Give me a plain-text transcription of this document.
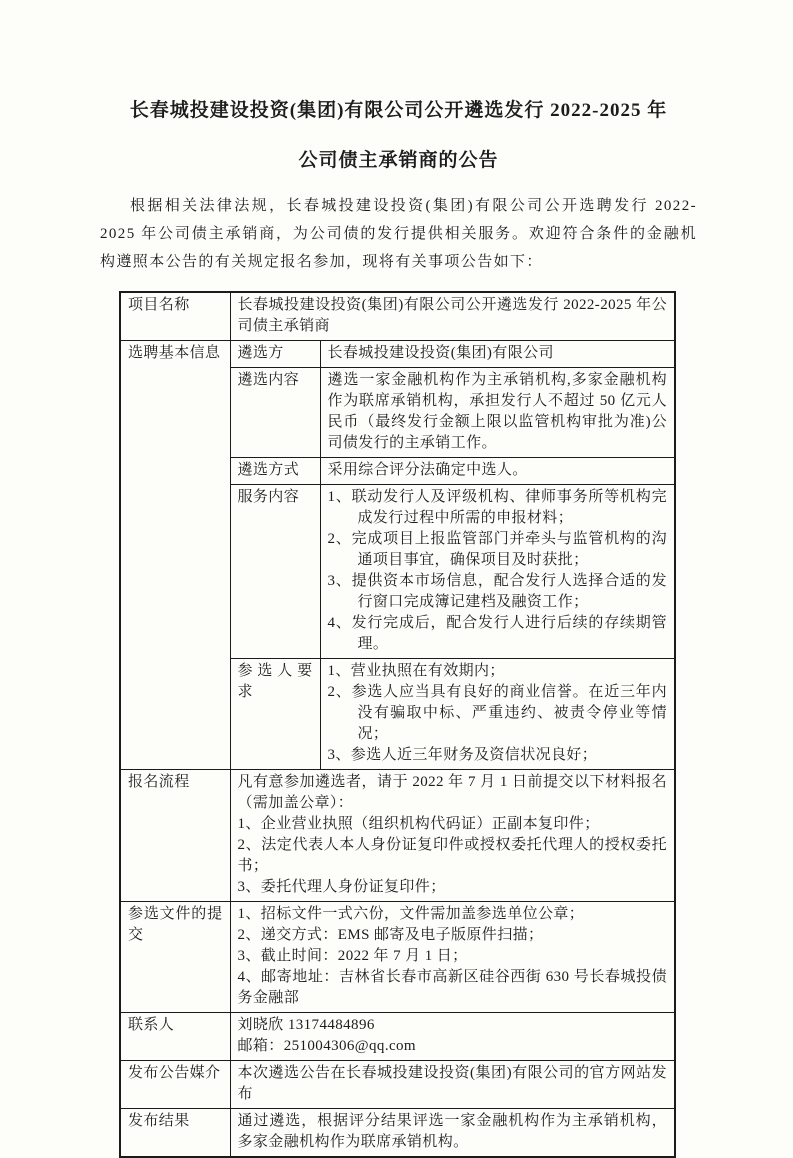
长春城投建设投资(集团)有限公司公开遴选发行 2022-2025 年
公司债主承销商的公告

根据相关法律法规，长春城投建设投资(集团)有限公司公开选聘发行 2022-2025 年公司债主承销商，为公司债的发行提供相关服务。欢迎符合条件的金融机构遵照本公告的有关规定报名参加，现将有关事项公告如下：

项目名称	长春城投建设投资(集团)有限公司公开遴选发行 2022-2025 年公司债主承销商	
选聘基本信息	遴选方	长春城投建设投资(集团)有限公司
	遴选内容	遴选一家金融机构作为主承销机构,多家金融机构作为联席承销机构，承担发行人不超过 50 亿元人民币（最终发行金额上限以监管机构审批为准)公司债发行的主承销工作。
	遴选方式	采用综合评分法确定中选人。
	服务内容	1、联动发行人及评级机构、律师事务所等机构完成发行过程中所需的申报材料；
2、完成项目上报监管部门并牵头与监管机构的沟通项目事宜，确保项目及时获批；
3、提供资本市场信息，配合发行人选择合适的发行窗口完成簿记建档及融资工作；
4、发行完成后，配合发行人进行后续的存续期管理。

	参选人要求	1、营业执照在有效期内；
2、参选人应当具有良好的商业信誉。在近三年内没有骗取中标、严重违约、被责令停业等情况；
3、参选人近三年财务及资信状况良好；

报名流程	凡有意参加遴选者，请于 2022 年 7 月 1 日前提交以下材料报名（需加盖公章）：
1、企业营业执照（组织机构代码证）正副本复印件；
2、法定代表人本人身份证复印件或授权委托代理人的授权委托书；
3、委托代理人身份证复印件；	

参选文件的提交	1、招标文件一式六份，文件需加盖参选单位公章；
2、递交方式：EMS 邮寄及电子版原件扫描；
3、截止时间：2022 年 7 月 1 日；
4、邮寄地址：吉林省长春市高新区硅谷西街 630 号长春城投债务金融部	

联系人	刘晓欣 13174484896
邮箱：251004306@qq.com	

发布公告媒介	本次遴选公告在长春城投建设投资(集团)有限公司的官方网站发布	
发布结果	通过遴选，根据评分结果评选一家金融机构作为主承销机构，多家金融机构作为联席承销机构。	
